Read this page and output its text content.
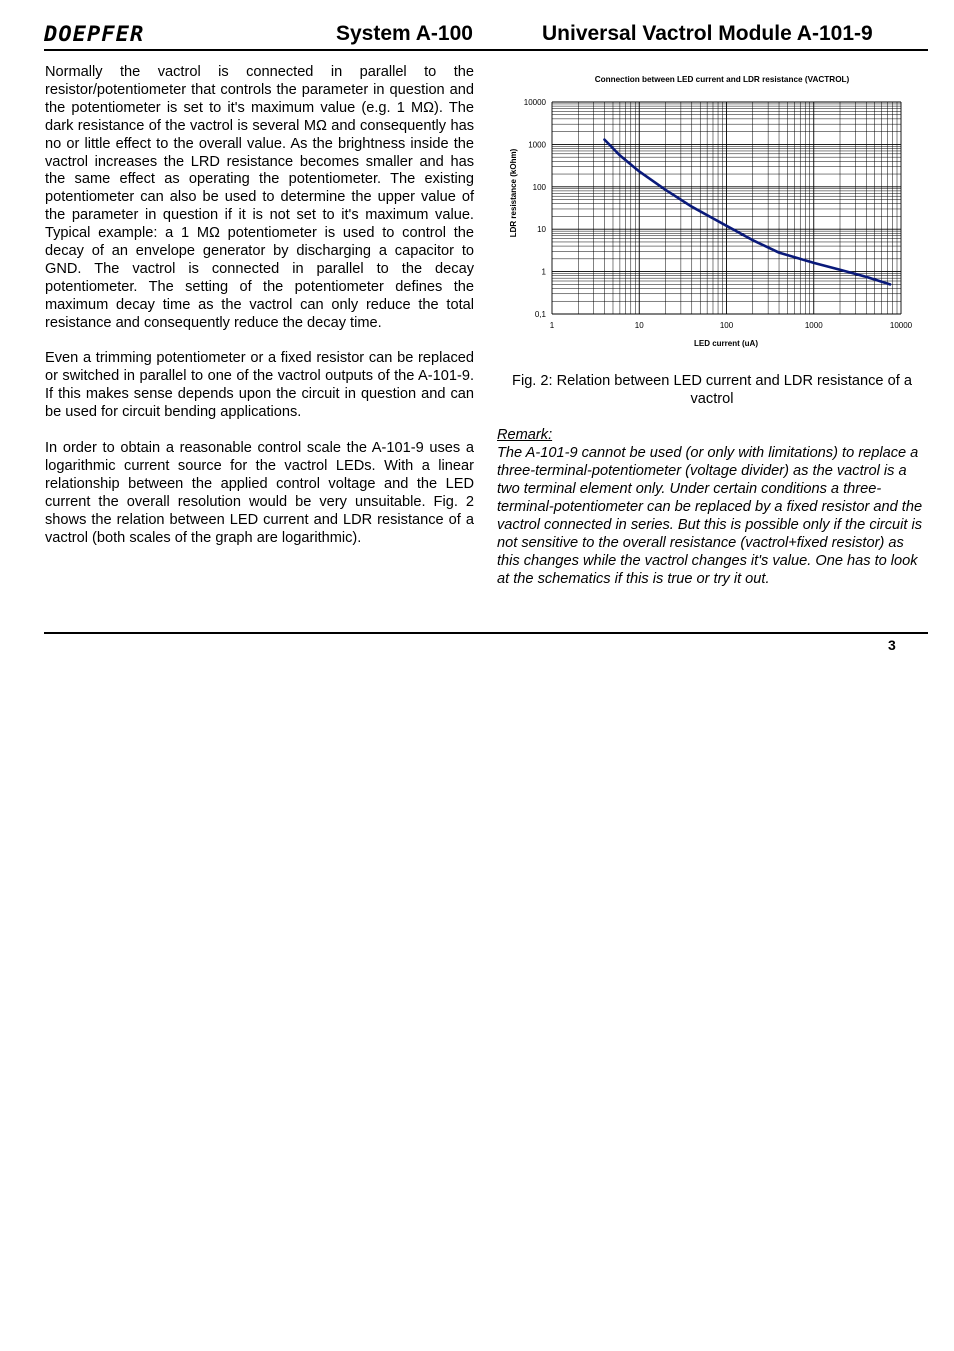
DOEPFER	System A-100	Universal Vactrol Module A-101-9

Normally the vactrol is connected in parallel to the resistor/potentiometer that controls the parameter in question and the potentiometer is set to it's maximum value (e.g. 1 MΩ). The dark resistance of the vactrol is several MΩ and consequently has no or little effect to the overall value. As the brightness inside the vactrol increases the LRD resistance becomes smaller and has the same effect as operating the potentiometer. The existing potentiometer can also be used to determine the upper value of the parameter in question if it is not set to it's maximum value. Typical example: a 1 MΩ potentiometer is used to control the decay of an envelope generator by discharging a capacitor to GND. The vactrol is connected in parallel to the decay potentiometer. The setting of the potentiometer defines the maximum decay time as the vactrol can only reduce the total resistance and consequently reduce the decay time.

Even a trimming potentiometer or a fixed resistor can be replaced or switched in parallel to one of the vactrol outputs of the A-101-9. If this makes sense depends upon the circuit in question and can be used for circuit bending applications.

In order to obtain a reasonable control scale the A-101-9 uses a logarithmic current source for the vactrol LEDs. With a linear relationship between the applied control voltage and the LED current the overall resolution would be very unsuitable. Fig. 2 shows the relation between LED current and LDR resistance of a vactrol (both scales of the graph are logarithmic).

Connection between LED current and LDR resistance (VACTROL)
10000
1000
100
10
1
0,1
1	10	100	1000	10000
LED current (uA)
LDR resistance (kOhm)
Fig. 2: Relation between LED current and LDR resistance of a vactrol

Remark:

The A-101-9 cannot be used (or only with limitations) to replace a three-terminal-potentiometer (voltage divider) as the vactrol is a two terminal element only. Under certain conditions a three-terminal-potentiometer can be replaced by a fixed resistor and the vactrol connected in series. But this is possible only if the circuit is not sensitive to the overall resistance (vactrol+fixed resistor) as this changes while the vactrol changes it's value. One has to look at the schematics if this is true or try it out.

3
